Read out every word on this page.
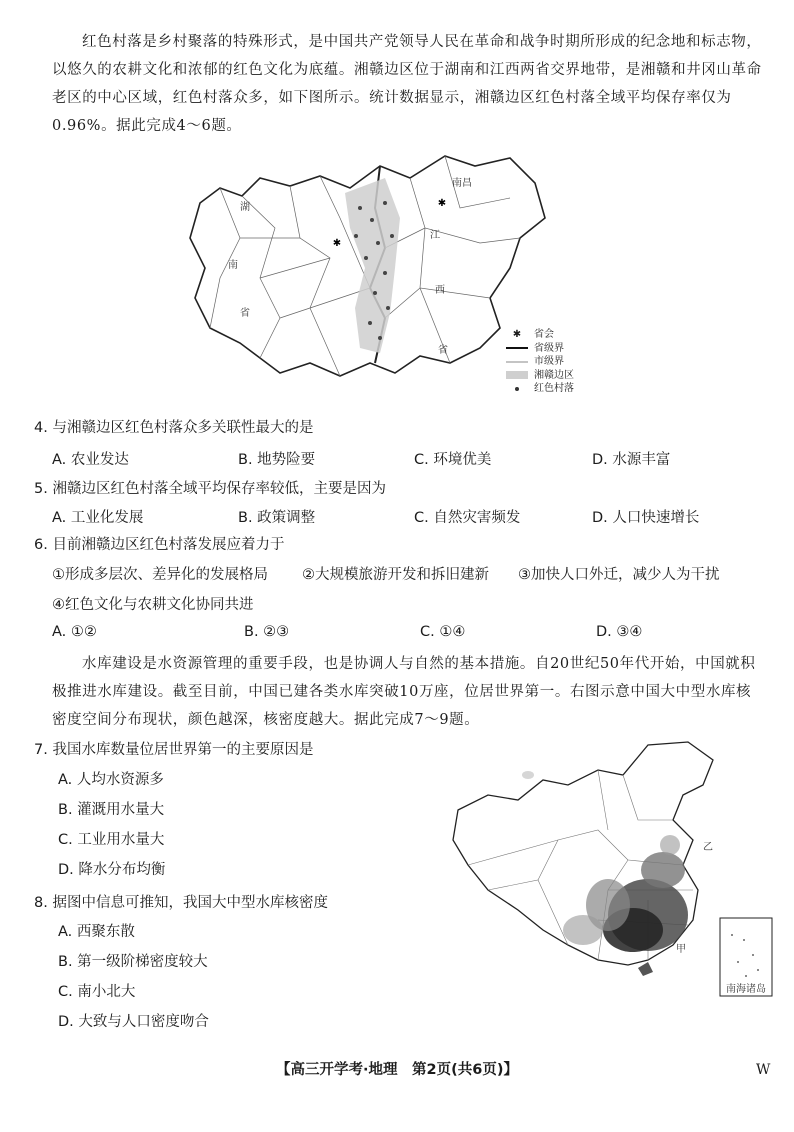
红色村落是乡村聚落的特殊形式，是中国共产党领导人民在革命和战争时期所形成的纪念地和标志物，以悠久的农耕文化和浓郁的红色文化为底蕴。湘赣边区位于湖南和江西两省交界地带，是湘赣和井冈山革命老区的中心区域，红色村落众多，如下图所示。统计数据显示，湘赣边区红色村落全域平均保存率仅为0.96%。据此完成4～6题。

✱
✱
湖
南
省
南昌
江
西
省
✱	省会
省级界
市级界
湘赣边区
红色村落

4. 与湘赣边区红色村落众多关联性最大的是

A. 农业发达	B. 地势险要	C. 环境优美	D. 水源丰富

5. 湘赣边区红色村落全域平均保存率较低，主要是因为

A. 工业化发展	B. 政策调整	C. 自然灾害频发	D. 人口快速增长

6. 目前湘赣边区红色村落发展应着力于

①形成多层次、差异化的发展格局 ②大规模旅游开发和拆旧建新 ③加快人口外迁，减少人为干扰
④红色文化与农耕文化协同共进
A. ①②	B. ②③	C. ①④	D. ③④

水库建设是水资源管理的重要手段，也是协调人与自然的基本措施。自20世纪50年代开始，中国就积极推进水库建设。截至目前，中国已建各类水库突破10万座，位居世界第一。右图示意中国大中型水库核密度空间分布现状，颜色越深，核密度越大。据此完成7～9题。

7. 我国水库数量位居世界第一的主要原因是

A. 人均水资源多
B. 灌溉用水量大
C. 工业用水量大
D. 降水分布均衡

8. 据图中信息可推知，我国大中型水库核密度

A. 西聚东散
B. 第一级阶梯密度较大
C. 南小北大
D. 大致与人口密度吻合
乙
甲
南海诸岛
【高三开学考·地理　第2页(共6页)】	W
